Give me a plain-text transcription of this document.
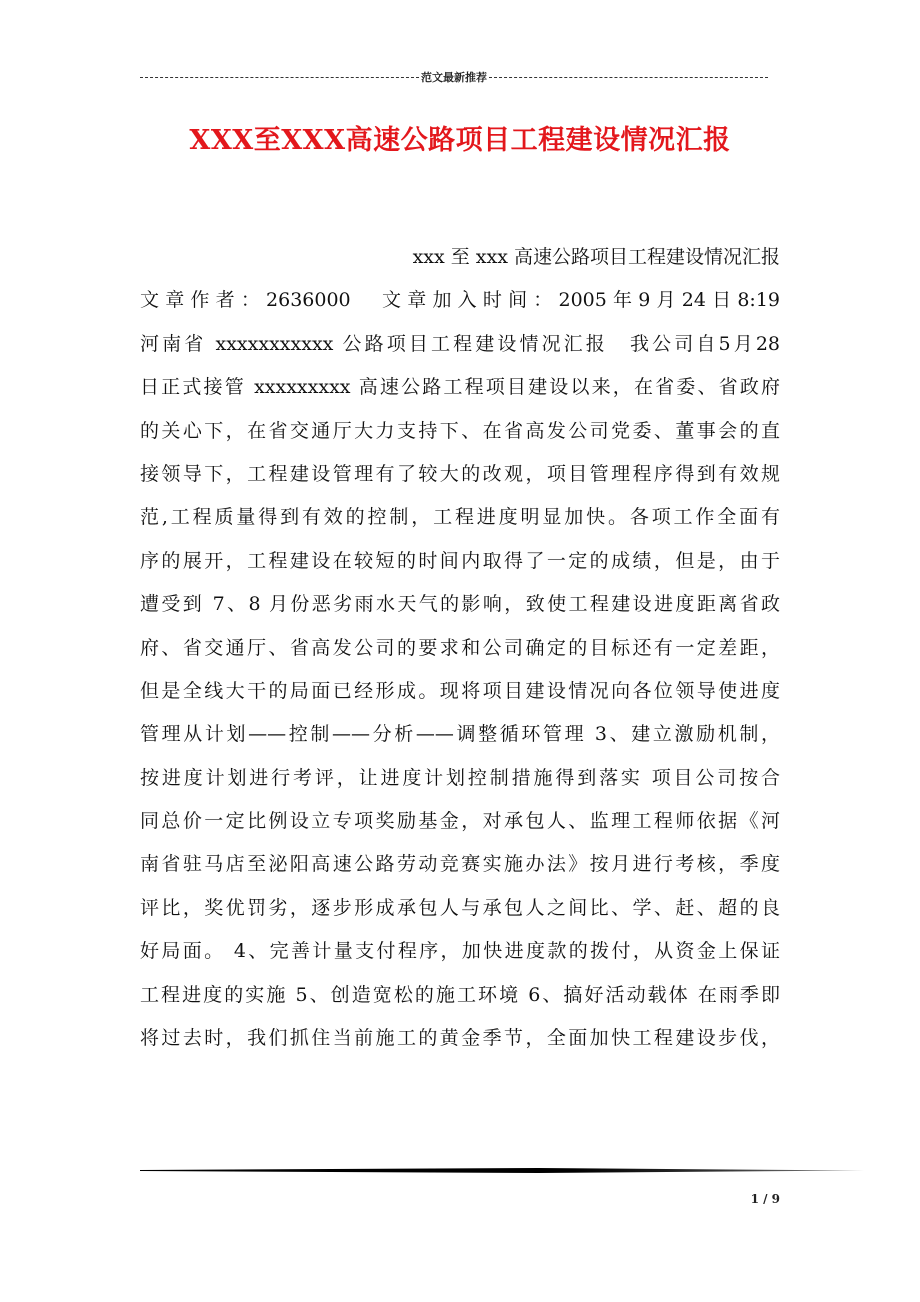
范文最新推荐
XXX至XXX高速公路项目工程建设情况汇报
xxx 至 xxx 高速公路项目工程建设情况汇报
文章作者：2636000　文章加入时间：2005年9月24日8:19
河南省 xxxxxxxxxxx 公路项目工程建设情况汇报　我公司自5月28
日正式接管 xxxxxxxxx 高速公路工程项目建设以来，在省委、省政府
的关心下，在省交通厅大力支持下、在省高发公司党委、董事会的直
接领导下，工程建设管理有了较大的改观，项目管理程序得到有效规
范,工程质量得到有效的控制，工程进度明显加快。各项工作全面有
序的展开，工程建设在较短的时间内取得了一定的成绩，但是，由于
遭受到 7、8 月份恶劣雨水天气的影响，致使工程建设进度距离省政
府、省交通厅、省高发公司的要求和公司确定的目标还有一定差距，
但是全线大干的局面已经形成。现将项目建设情况向各位领导使进度
管理从计划——控制——分析——调整循环管理 3、建立激励机制，
按进度计划进行考评，让进度计划控制措施得到落实 项目公司按合
同总价一定比例设立专项奖励基金，对承包人、监理工程师依据《河
南省驻马店至泌阳高速公路劳动竞赛实施办法》按月进行考核，季度
评比，奖优罚劣，逐步形成承包人与承包人之间比、学、赶、超的良
好局面。 4、完善计量支付程序，加快进度款的拨付，从资金上保证
工程进度的实施 5、创造宽松的施工环境 6、搞好活动载体 在雨季即
将过去时，我们抓住当前施工的黄金季节，全面加快工程建设步伐，
1 / 9
